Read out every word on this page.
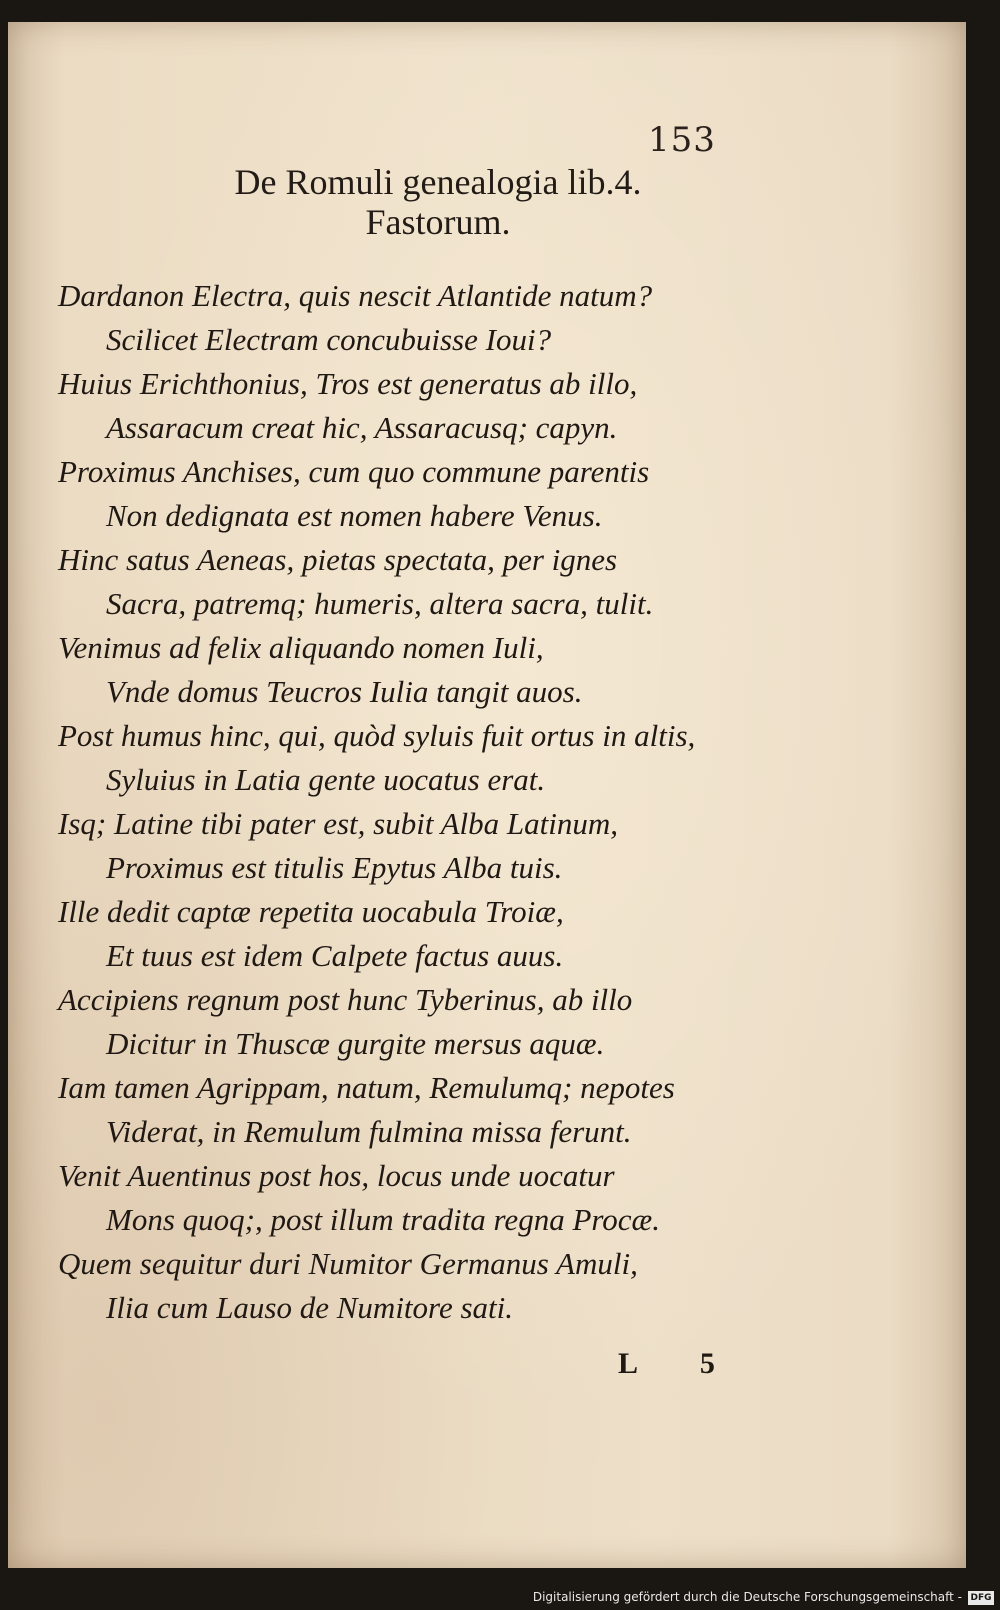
153
De Romuli genealogia lib.4.
Fastorum.
Dardanon Electra, quis nescit Atlantide natum?
Scilicet Electram concubuisse Ioui?
Huius Erichthonius, Tros est generatus ab illo,
Assaracum creat hic, Assaracusq; capyn.
Proximus Anchises, cum quo commune parentis
Non dedignata est nomen habere Venus.
Hinc satus Aeneas, pietas spectata, per ignes
Sacra, patremq; humeris, altera sacra, tulit.
Venimus ad felix aliquando nomen Iuli,
Vnde domus Teucros Iulia tangit auos.
Post humus hinc, qui, quòd syluis fuit ortus in altis,
Syluius in Latia gente uocatus erat.
Isq; Latine tibi pater est, subit Alba Latinum,
Proximus est titulis Epytus Alba tuis.
Ille dedit captæ repetita uocabula Troiæ,
Et tuus est idem Calpete factus auus.
Accipiens regnum post hunc Tyberinus, ab illo
Dicitur in Thuscæ gurgite mersus aquæ.
Iam tamen Agrippam, natum, Remulumq; nepotes
Viderat, in Remulum fulmina missa ferunt.
Venit Auentinus post hos, locus unde uocatur
Mons quoq;, post illum tradita regna Procæ.
Quem sequitur duri Numitor Germanus Amuli,
Ilia cum Lauso de Numitore sati.
L 5
Digitalisierung gefördert durch die Deutsche Forschungsgemeinschaft - DFG
